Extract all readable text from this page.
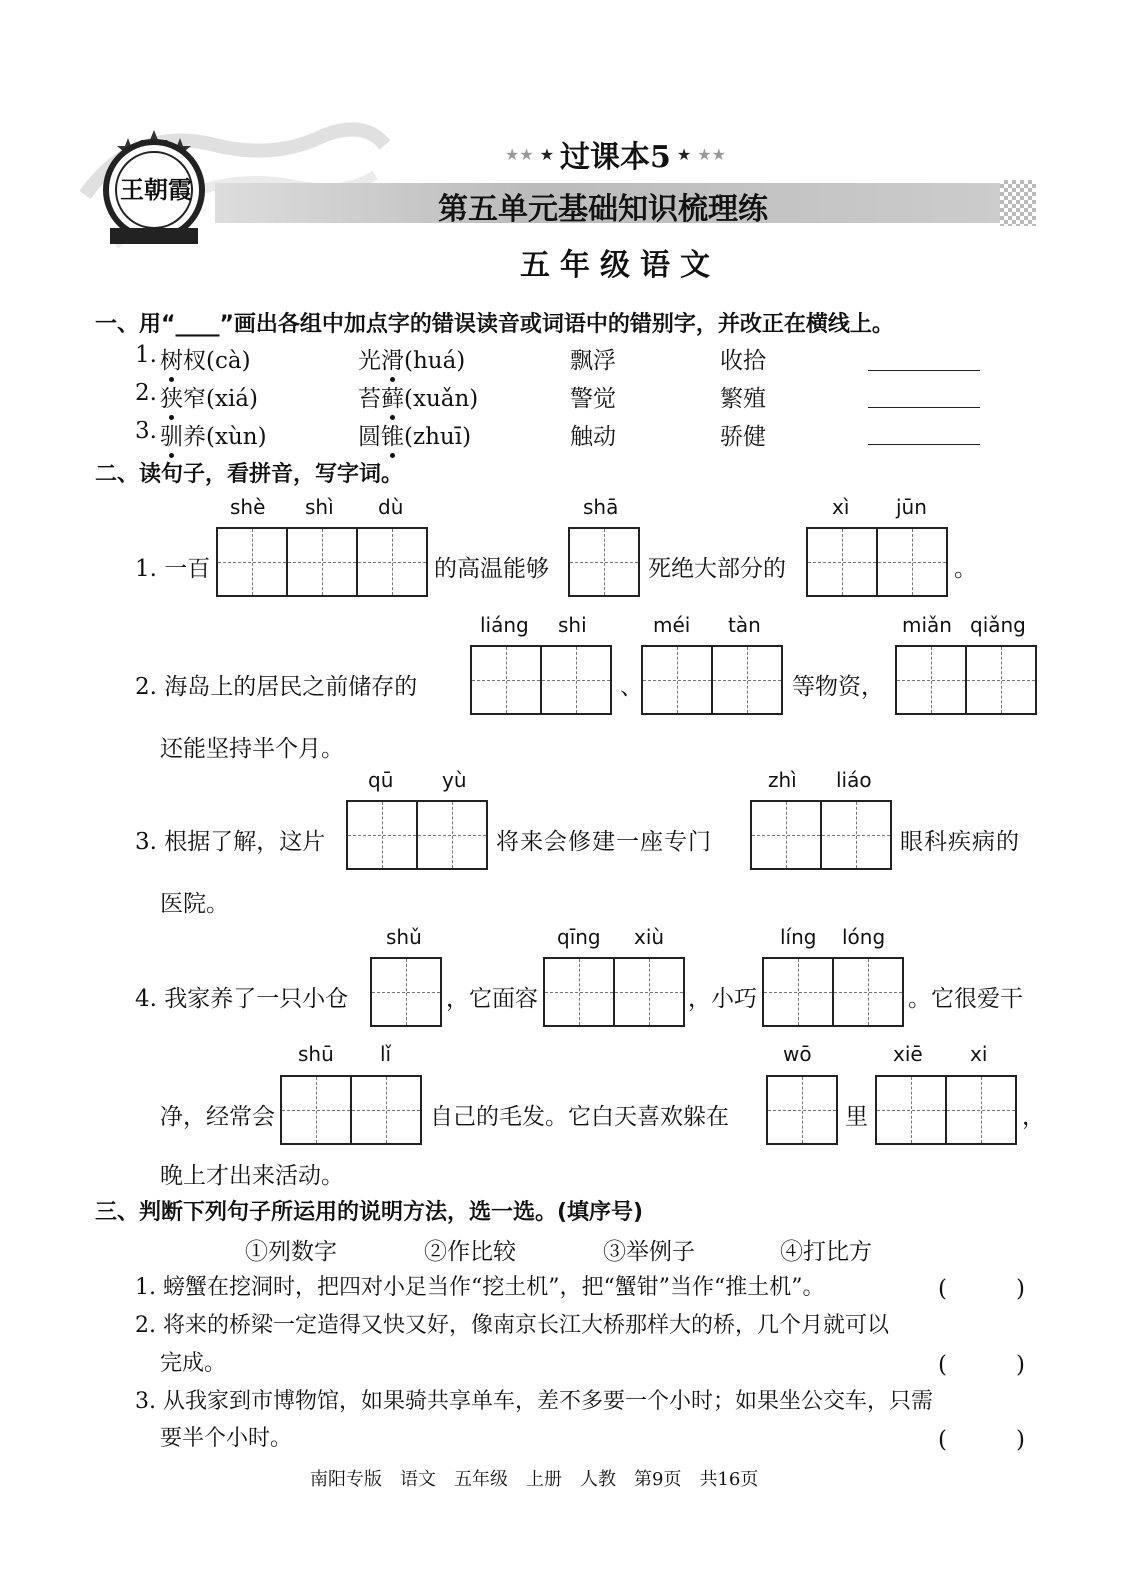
王朝霞
★★ ★ 过课本5 ★ ★★
第五单元基础知识梳理练
五年级语文
一、用“____”画出各组中加点字的错误读音或词语中的错别字，并改正在横线上。
1. 树杈(cà)	光滑(huá)	飘浮	收拾
2. 狭窄(xiá)	苔藓(xuǎn)	警觉	繁殖
3. 驯养(xùn)	圆锥(zhuī)	触动	骄健
二、读句子，看拼音，写字词。
shè shì dù	shā	xì jūn
1. 一百	的高温能够	死绝大部分的	。
liáng shi	méi tàn	miǎn qiǎng
2. 海岛上的居民之前储存的	、	等物资，
还能坚持半个月。
qū yù	zhì liáo
3. 根据了解，这片	将来会修建一座专门	眼科疾病的
医院。
shǔ	qīng xiù	líng lóng
4. 我家养了一只小仓	，它面容	，小巧	。它很爱干
shū lǐ	wō	xiē xi
净，经常会	自己的毛发。它白天喜欢躲在	里	，
晚上才出来活动。
三、判断下列句子所运用的说明方法，选一选。(填序号)
①列数字	②作比较	③举例子	④打比方
1. 螃蟹在挖洞时，把四对小足当作“挖土机”，把“蟹钳”当作“推土机”。	(　　　)
2. 将来的桥梁一定造得又快又好，像南京长江大桥那样大的桥，几个月就可以
完成。	(　　　)
3. 从我家到市博物馆，如果骑共享单车，差不多要一个小时；如果坐公交车，只需
要半个小时。	(　　　)
南阳专版　语文　五年级　上册　人教　第9页　共16页
